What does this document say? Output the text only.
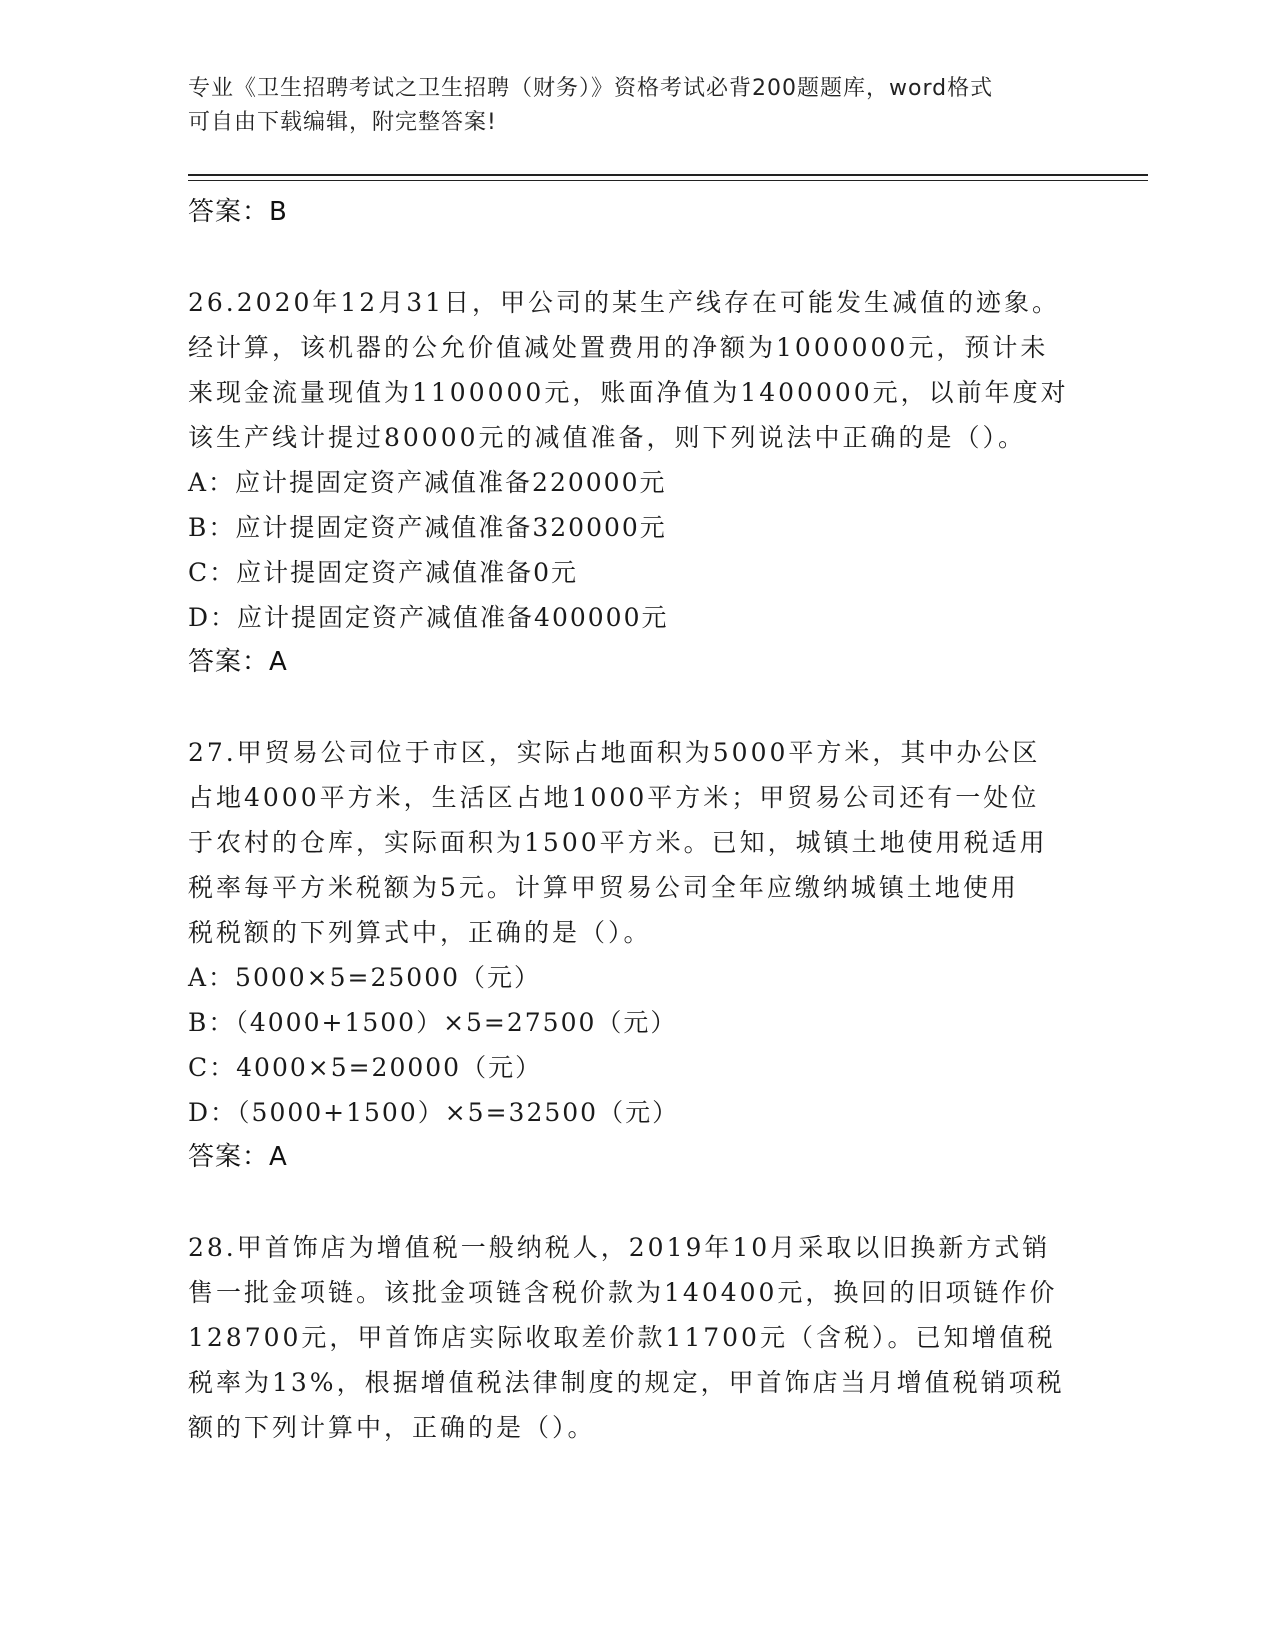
专业《卫生招聘考试之卫生招聘（财务）》资格考试必背200题题库，word格式
可自由下载编辑，附完整答案!
答案：B
26.2020年12月31日，甲公司的某生产线存在可能发生减值的迹象。
经计算，该机器的公允价值减处置费用的净额为1000000元，预计未
来现金流量现值为1100000元，账面净值为1400000元，以前年度对
该生产线计提过80000元的减值准备，则下列说法中正确的是（）。
A：应计提固定资产减值准备220000元
B：应计提固定资产减值准备320000元
C：应计提固定资产减值准备0元
D：应计提固定资产减值准备400000元
答案：A
27.甲贸易公司位于市区，实际占地面积为5000平方米，其中办公区
占地4000平方米，生活区占地1000平方米；甲贸易公司还有一处位
于农村的仓库，实际面积为1500平方米。已知，城镇土地使用税适用
税率每平方米税额为5元。计算甲贸易公司全年应缴纳城镇土地使用
税税额的下列算式中，正确的是（）。
A：5000×5=25000（元）
B：（4000+1500）×5=27500（元）
C：4000×5=20000（元）
D：（5000+1500）×5=32500（元）
答案：A
28.甲首饰店为增值税一般纳税人，2019年10月采取以旧换新方式销
售一批金项链。该批金项链含税价款为140400元，换回的旧项链作价
128700元，甲首饰店实际收取差价款11700元（含税）。已知增值税
税率为13%，根据增值税法律制度的规定，甲首饰店当月增值税销项税
额的下列计算中，正确的是（）。
